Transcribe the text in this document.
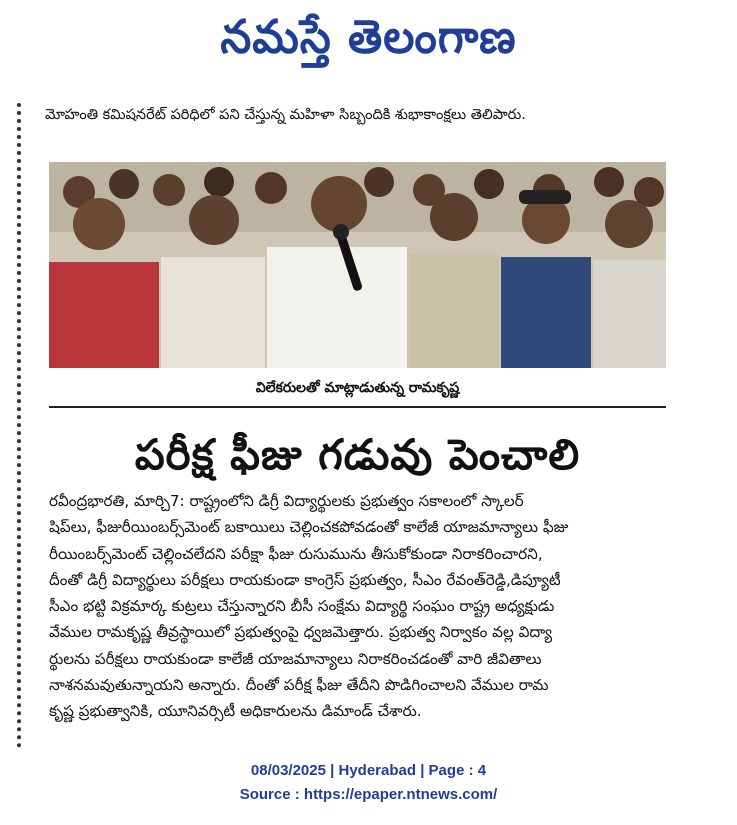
నమస్తే తెలంగాణ
మోహంతి కమిషనరేట్ పరిధిలో పని చేస్తున్న మహిళా సిబ్బందికి శుభాకాంక్షలు తెలిపారు.
విలేకరులతో మాట్లాడుతున్న రామకృష్ణ
పరీక్ష ఫీజు గడువు పెంచాలి
రవీంద్రభారతి, మార్చి7: రాష్ట్రంలోని డిగ్రీ విద్యార్థులకు ప్రభుత్వం సకాలంలో స్కాలర్
షిప్‌లు, ఫీజురీయింబర్స్‌మెంట్ బకాయిలు చెల్లించకపోవడంతో కాలేజీ యాజమాన్యాలు ఫీజు
రీయింబర్స్‌మెంట్ చెల్లించలేదని పరీక్షా ఫీజు రుసుమును తీసుకోకుండా నిరాకరించారని,
దీంతో డిగ్రీ విద్యార్థులు పరీక్షలు రాయకుండా కాంగ్రెస్ ప్రభుత్వం, సీఎం రేవంత్‌రెడ్డి,డిప్యూటీ
సీఎం భట్టి విక్రమార్క కుట్రలు చేస్తున్నారని బీసీ సంక్షేమ విద్యార్థి సంఘం రాష్ట్ర అధ్యక్షుడు
వేముల రామకృష్ణ తీవ్రస్థాయిలో ప్రభుత్వంపై ధ్వజమెత్తారు. ప్రభుత్వ నిర్వాకం వల్ల విద్యా
ర్థులను పరీక్షలు రాయకుండా కాలేజీ యాజమాన్యాలు నిరాకరించడంతో వారి జీవితాలు
నాశనమవుతున్నాయని అన్నారు. దీంతో పరీక్ష ఫీజు తేదీని పొడిగించాలని వేముల రామ
కృష్ణ ప్రభుత్వానికి, యూనివర్సిటీ అధికారులను డిమాండ్ చేశారు.
08/03/2025 | Hyderabad | Page : 4
Source : https://epaper.ntnews.com/
